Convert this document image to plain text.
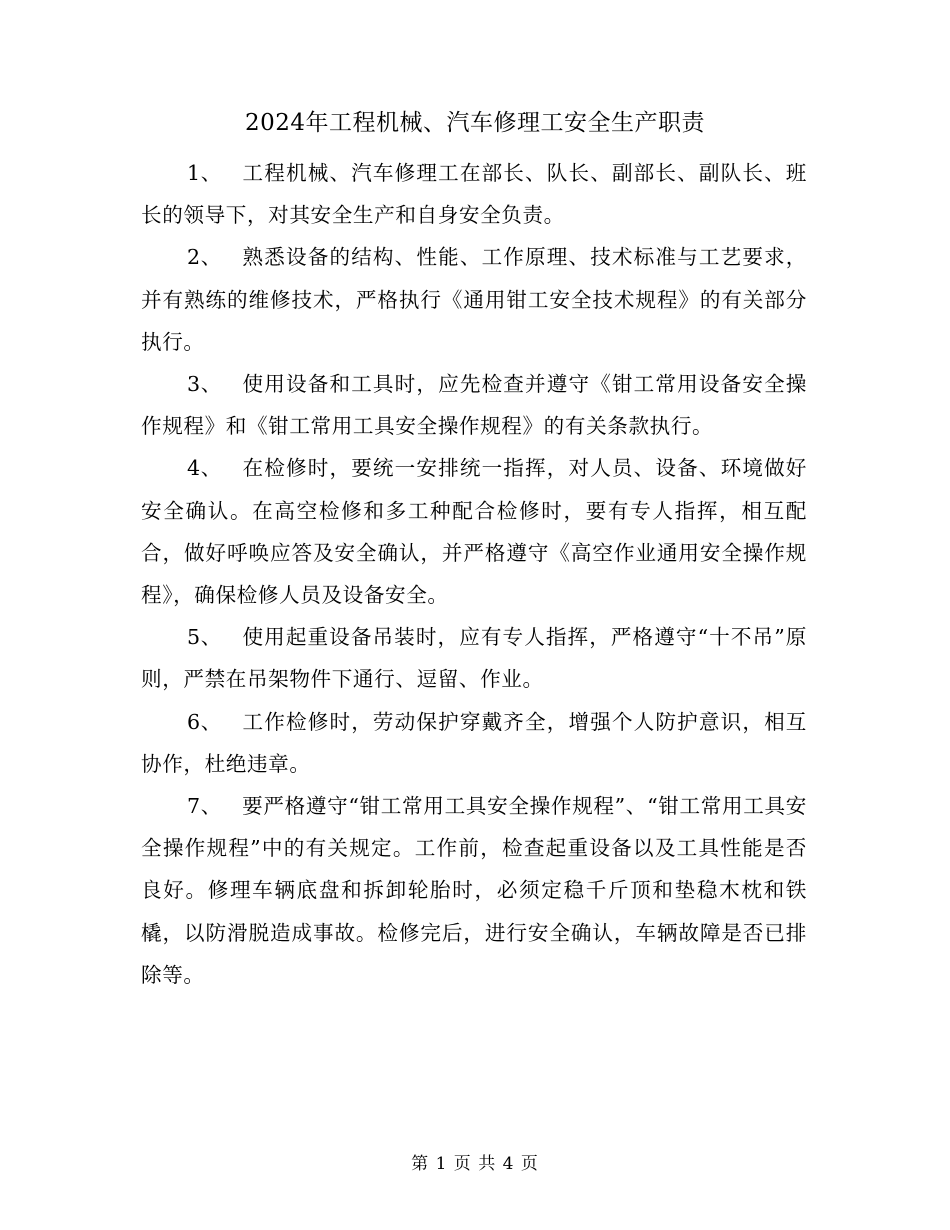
2024年工程机械、汽车修理工安全生产职责

1、 工程机械、汽车修理工在部长、队长、副部长、副队长、班长的领导下，对其安全生产和自身安全负责。

2、 熟悉设备的结构、性能、工作原理、技术标准与工艺要求，并有熟练的维修技术，严格执行《通用钳工安全技术规程》的有关部分执行。

3、 使用设备和工具时，应先检查并遵守《钳工常用设备安全操作规程》和《钳工常用工具安全操作规程》的有关条款执行。

4、 在检修时，要统一安排统一指挥，对人员、设备、环境做好安全确认。在高空检修和多工种配合检修时，要有专人指挥，相互配合，做好呼唤应答及安全确认，并严格遵守《高空作业通用安全操作规程》，确保检修人员及设备安全。

5、 使用起重设备吊装时，应有专人指挥，严格遵守“十不吊”原则，严禁在吊架物件下通行、逗留、作业。

6、 工作检修时，劳动保护穿戴齐全，增强个人防护意识，相互协作，杜绝违章。

7、 要严格遵守“钳工常用工具安全操作规程”、“钳工常用工具安全操作规程”中的有关规定。工作前，检查起重设备以及工具性能是否良好。修理车辆底盘和拆卸轮胎时，必须定稳千斤顶和垫稳木枕和铁橇，以防滑脱造成事故。检修完后，进行安全确认，车辆故障是否已排除等。

第 1 页 共 4 页
